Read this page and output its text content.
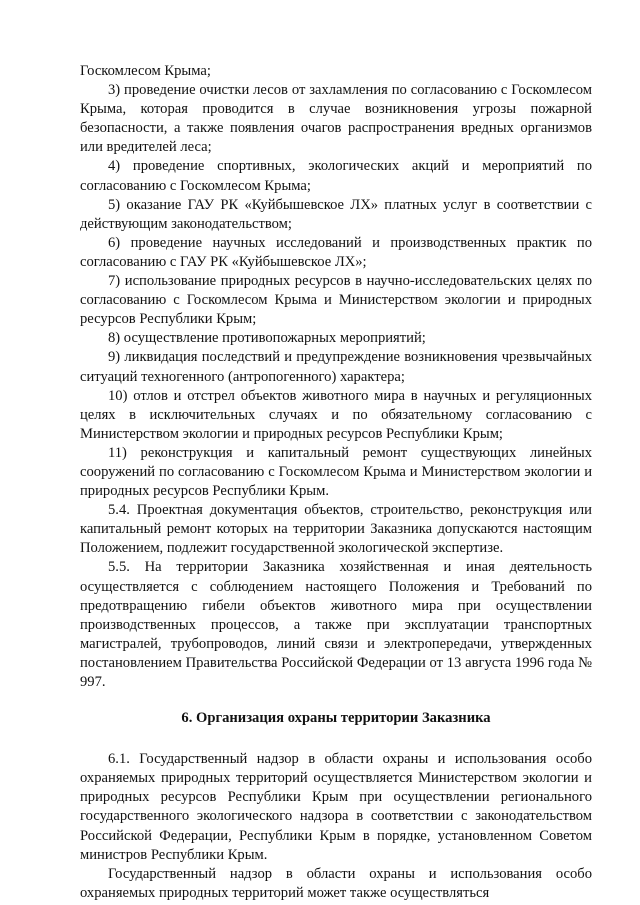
Госкомлесом Крыма;

3) проведение очистки лесов от захламления по согласованию с Госкомлесом Крыма, которая проводится в случае возникновения угрозы пожарной безопасности, а также появления очагов распространения вредных организмов или вредителей леса;

4) проведение спортивных, экологических акций и мероприятий по согласованию с Госкомлесом Крыма;

5) оказание ГАУ РК «Куйбышевское ЛХ» платных услуг в соответствии с действующим законодательством;

6) проведение научных исследований и производственных практик по согласованию с ГАУ РК «Куйбышевское ЛХ»;

7) использование природных ресурсов в научно-исследовательских целях по согласованию с Госкомлесом Крыма и Министерством экологии и природных ресурсов Республики Крым;

8) осуществление противопожарных мероприятий;

9) ликвидация последствий и предупреждение возникновения чрезвычайных ситуаций техногенного (антропогенного) характера;

10) отлов и отстрел объектов животного мира в научных и регуляционных целях в исключительных случаях и по обязательному согласованию с Министерством экологии и природных ресурсов Республики Крым;

11) реконструкция и капитальный ремонт существующих линейных сооружений по согласованию с Госкомлесом Крыма и Министерством экологии и природных ресурсов Республики Крым.

5.4. Проектная документация объектов, строительство, реконструкция или капитальный ремонт которых на территории Заказника допускаются настоящим Положением, подлежит государственной экологической экспертизе.

5.5. На территории Заказника хозяйственная и иная деятельность осуществляется с соблюдением настоящего Положения и Требований по предотвращению гибели объектов животного мира при осуществлении производственных процессов, а также при эксплуатации транспортных магистралей, трубопроводов, линий связи и электропередачи, утвержденных постановлением Правительства Российской Федерации от 13 августа 1996 года № 997.

6. Организация охраны территории Заказника

6.1. Государственный надзор в области охраны и использования особо охраняемых природных территорий осуществляется Министерством экологии и природных ресурсов Республики Крым при осуществлении регионального государственного экологического надзора в соответствии с законодательством Российской Федерации, Республики Крым в порядке, установленном Советом министров Республики Крым.

Государственный надзор в области охраны и использования особо охраняемых природных территорий может также осуществляться
